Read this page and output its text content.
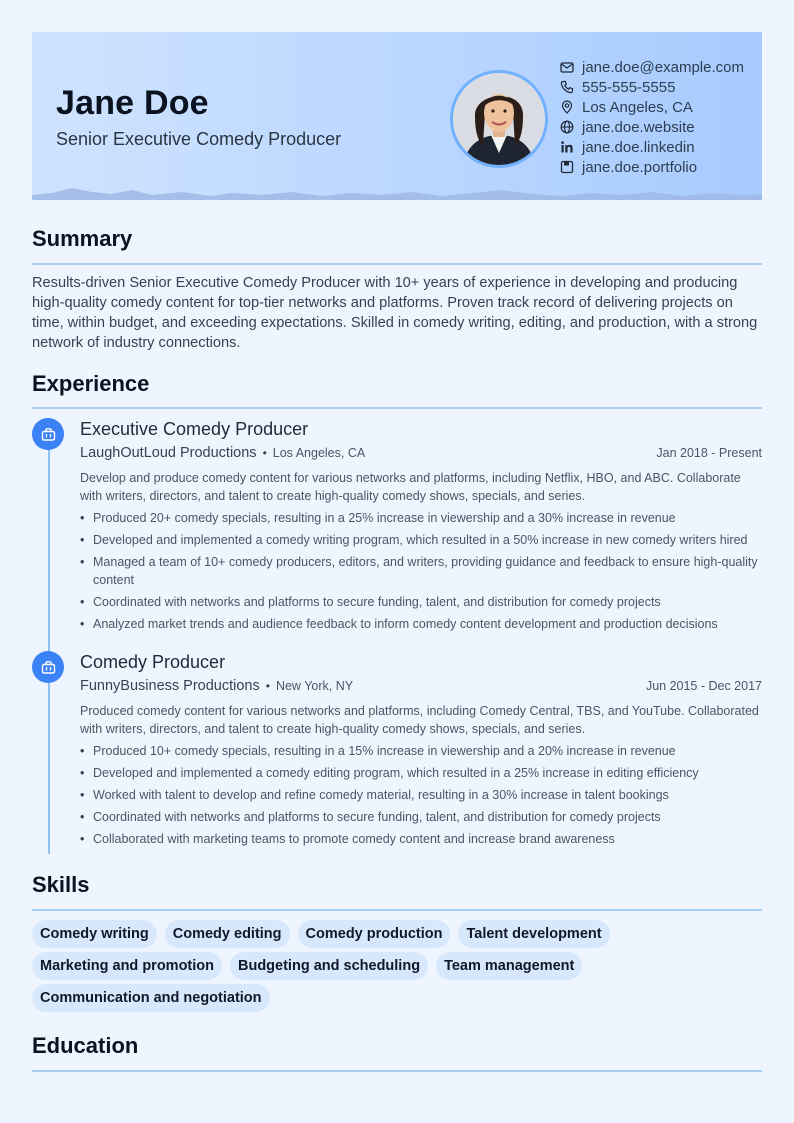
Jane Doe
Senior Executive Comedy Producer
jane.doe@example.com
555-555-5555
Los Angeles, CA
jane.doe.website
jane.doe.linkedin
jane.doe.portfolio
Summary
Results-driven Senior Executive Comedy Producer with 10+ years of experience in developing and producing high-quality comedy content for top-tier networks and platforms. Proven track record of delivering projects on time, within budget, and exceeding expectations. Skilled in comedy writing, editing, and production, with a strong network of industry connections.
Experience
Executive Comedy Producer
LaughOutLoud Productions • Los Angeles, CA	Jan 2018 - Present
Develop and produce comedy content for various networks and platforms, including Netflix, HBO, and ABC. Collaborate with writers, directors, and talent to create high-quality comedy shows, specials, and series.
• Produced 20+ comedy specials, resulting in a 25% increase in viewership and a 30% increase in revenue
• Developed and implemented a comedy writing program, which resulted in a 50% increase in new comedy writers hired
• Managed a team of 10+ comedy producers, editors, and writers, providing guidance and feedback to ensure high-quality content
• Coordinated with networks and platforms to secure funding, talent, and distribution for comedy projects
• Analyzed market trends and audience feedback to inform comedy content development and production decisions
Comedy Producer
FunnyBusiness Productions • New York, NY	Jun 2015 - Dec 2017
Produced comedy content for various networks and platforms, including Comedy Central, TBS, and YouTube. Collaborated with writers, directors, and talent to create high-quality comedy shows, specials, and series.
• Produced 10+ comedy specials, resulting in a 15% increase in viewership and a 20% increase in revenue
• Developed and implemented a comedy editing program, which resulted in a 25% increase in editing efficiency
• Worked with talent to develop and refine comedy material, resulting in a 30% increase in talent bookings
• Coordinated with networks and platforms to secure funding, talent, and distribution for comedy projects
• Collaborated with marketing teams to promote comedy content and increase brand awareness
Skills
Comedy writing Comedy editing Comedy production Talent development
Marketing and promotion Budgeting and scheduling Team management
Communication and negotiation
Education
